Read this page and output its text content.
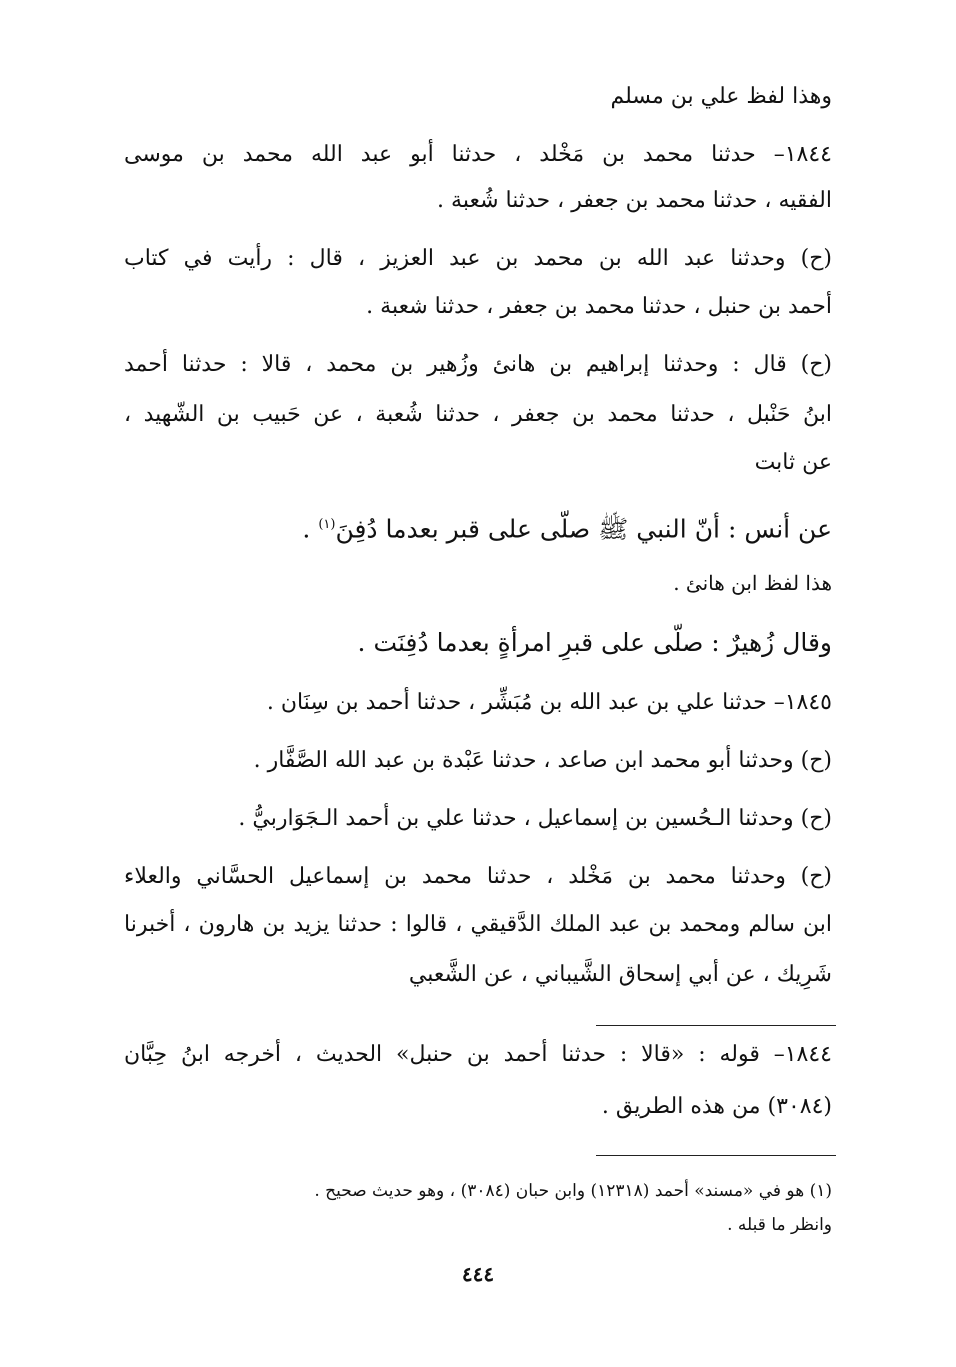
وهذا لفظ علي بن مسلم
١٨٤٤– حدثنا محمد بن مَخْلد ، حدثنا أبو عبد الله محمد بن موسى
الفقيه ، حدثنا محمد بن جعفر ، حدثنا شُعبة .
(ح) وحدثنا عبد الله بن محمد بن عبد العزيز ، قال : رأيت في كتاب
أحمد بن حنبل ، حدثنا محمد بن جعفر ، حدثنا شعبة .
(ح) قال : وحدثنا إبراهيم بن هانئ وزُهير بن محمد ، قالا : حدثنا أحمد
ابنُ حَنْبل ، حدثنا محمد بن جعفر ، حدثنا شُعبة ، عن حَبيب بن الشّهيد ،
عن ثابت
عن أنس : أنّ النبي ﷺ صلّى على قبر بعدما دُفِنَ$^{(١)}$ .
هذا لفظ ابن هانئ .
وقال زُهيرٌ : صلّى على قبرِ امرأةٍ بعدما دُفِنَت .
١٨٤٥– حدثنا علي بن عبد الله بن مُبَشِّر ، حدثنا أحمد بن سِنَان .
(ح) وحدثنا أبو محمد ابن صاعد ، حدثنا عَبْدة بن عبد الله الصَّفَّار .
(ح) وحدثنا الـحُسين بن إسماعيل ، حدثنا علي بن أحمد الـجَوَاربيُّ .
(ح) وحدثنا محمد بن مَخْلد ، حدثنا محمد بن إسماعيل الحسَّاني والعلاء
ابن سالم ومحمد بن عبد الملك الدَّقيقي ، قالوا : حدثنا يزيد بن هارون ، أخبرنا
شَرِيك ، عن أبي إسحاق الشَّيباني ، عن الشَّعبي
١٨٤٤– قوله : «قالا : حدثنا أحمد بن حنبل» الحديث ، أخرجه ابنُ حِبَّان
(٣٠٨٤) من هذه الطريق .
(١) هو في «مسند» أحمد (١٢٣١٨) وابن حبان (٣٠٨٤) ، وهو حديث صحيح .
وانظر ما قبله .
٤٤٤
